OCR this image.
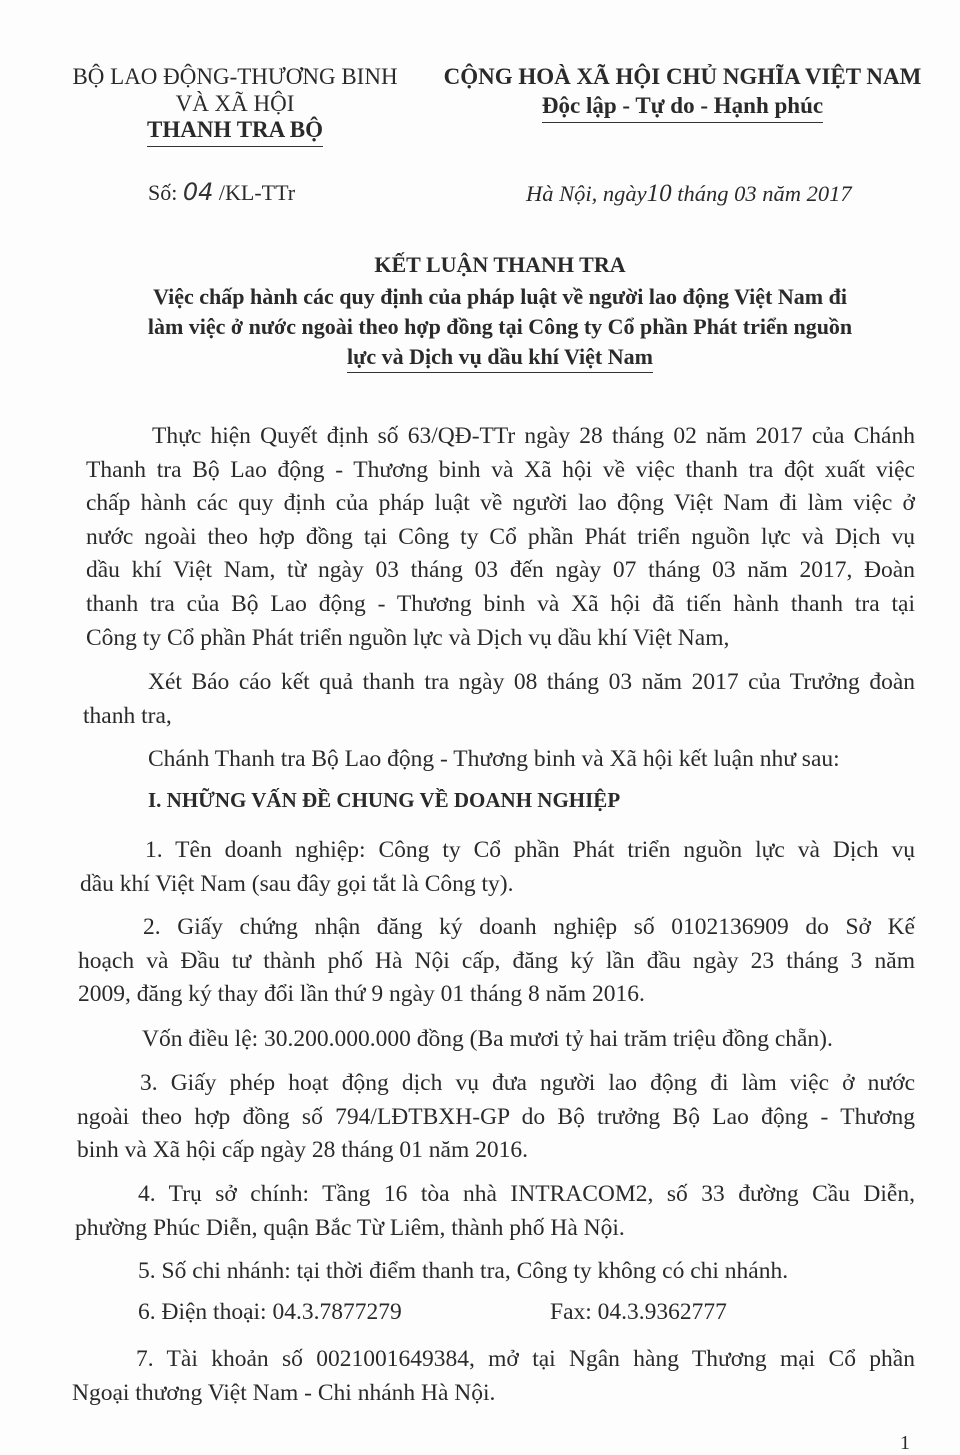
BỘ LAO ĐỘNG-THƯƠNG BINH
VÀ XÃ HỘI
THANH TRA BỘ
CỘNG HOÀ XÃ HỘI CHỦ NGHĨA VIỆT NAM
Độc lập - Tự do - Hạnh phúc
Số: 04 /KL-TTr	Hà Nội, ngày10 tháng 03 năm 2017
KẾT LUẬN THANH TRA
Việc chấp hành các quy định của pháp luật về người lao động Việt Nam đi
làm việc ở nước ngoài theo hợp đồng tại Công ty Cổ phần Phát triển nguồn
lực và Dịch vụ dầu khí Việt Nam
Thực hiện Quyết định số 63/QĐ-TTr ngày 28 tháng 02 năm 2017 của Chánh
Thanh tra Bộ Lao động - Thương binh và Xã hội về việc thanh tra đột xuất việc
chấp hành các quy định của pháp luật về người lao động Việt Nam đi làm việc ở
nước ngoài theo hợp đồng tại Công ty Cổ phần Phát triển nguồn lực và Dịch vụ
dầu khí Việt Nam, từ ngày 03 tháng 03 đến ngày 07 tháng 03 năm 2017, Đoàn
thanh tra của Bộ Lao động - Thương binh và Xã hội đã tiến hành thanh tra tại
Công ty Cổ phần Phát triển nguồn lực và Dịch vụ dầu khí Việt Nam,
Xét Báo cáo kết quả thanh tra ngày 08 tháng 03 năm 2017 của Trưởng đoàn
thanh tra,
Chánh Thanh tra Bộ Lao động - Thương binh và Xã hội kết luận như sau:
1. Tên doanh nghiệp: Công ty Cổ phần Phát triển nguồn lực và Dịch vụ
dầu khí Việt Nam (sau đây gọi tắt là Công ty).
2. Giấy chứng nhận đăng ký doanh nghiệp số 0102136909 do Sở Kế
hoạch và Đầu tư thành phố Hà Nội cấp, đăng ký lần đầu ngày 23 tháng 3 năm
2009, đăng ký thay đổi lần thứ 9 ngày 01 tháng 8 năm 2016.
Vốn điều lệ: 30.200.000.000 đồng (Ba mươi tỷ hai trăm triệu đồng chẵn).
3. Giấy phép hoạt động dịch vụ đưa người lao động đi làm việc ở nước
ngoài theo hợp đồng số 794/LĐTBXH-GP do Bộ trưởng Bộ Lao động - Thương
binh và Xã hội cấp ngày 28 tháng 01 năm 2016.
4. Trụ sở chính: Tầng 16 tòa nhà INTRACOM2, số 33 đường Cầu Diễn,
phường Phúc Diễn, quận Bắc Từ Liêm, thành phố Hà Nội.
5. Số chi nhánh: tại thời điểm thanh tra, Công ty không có chi nhánh.
7. Tài khoản số 0021001649384, mở tại Ngân hàng Thương mại Cổ phần
Ngoại thương Việt Nam - Chi nhánh Hà Nội.
I. NHỮNG VẤN ĐỀ CHUNG VỀ DOANH NGHIỆP
6. Điện thoại: 04.3.7877279	Fax: 04.3.9362777
1
